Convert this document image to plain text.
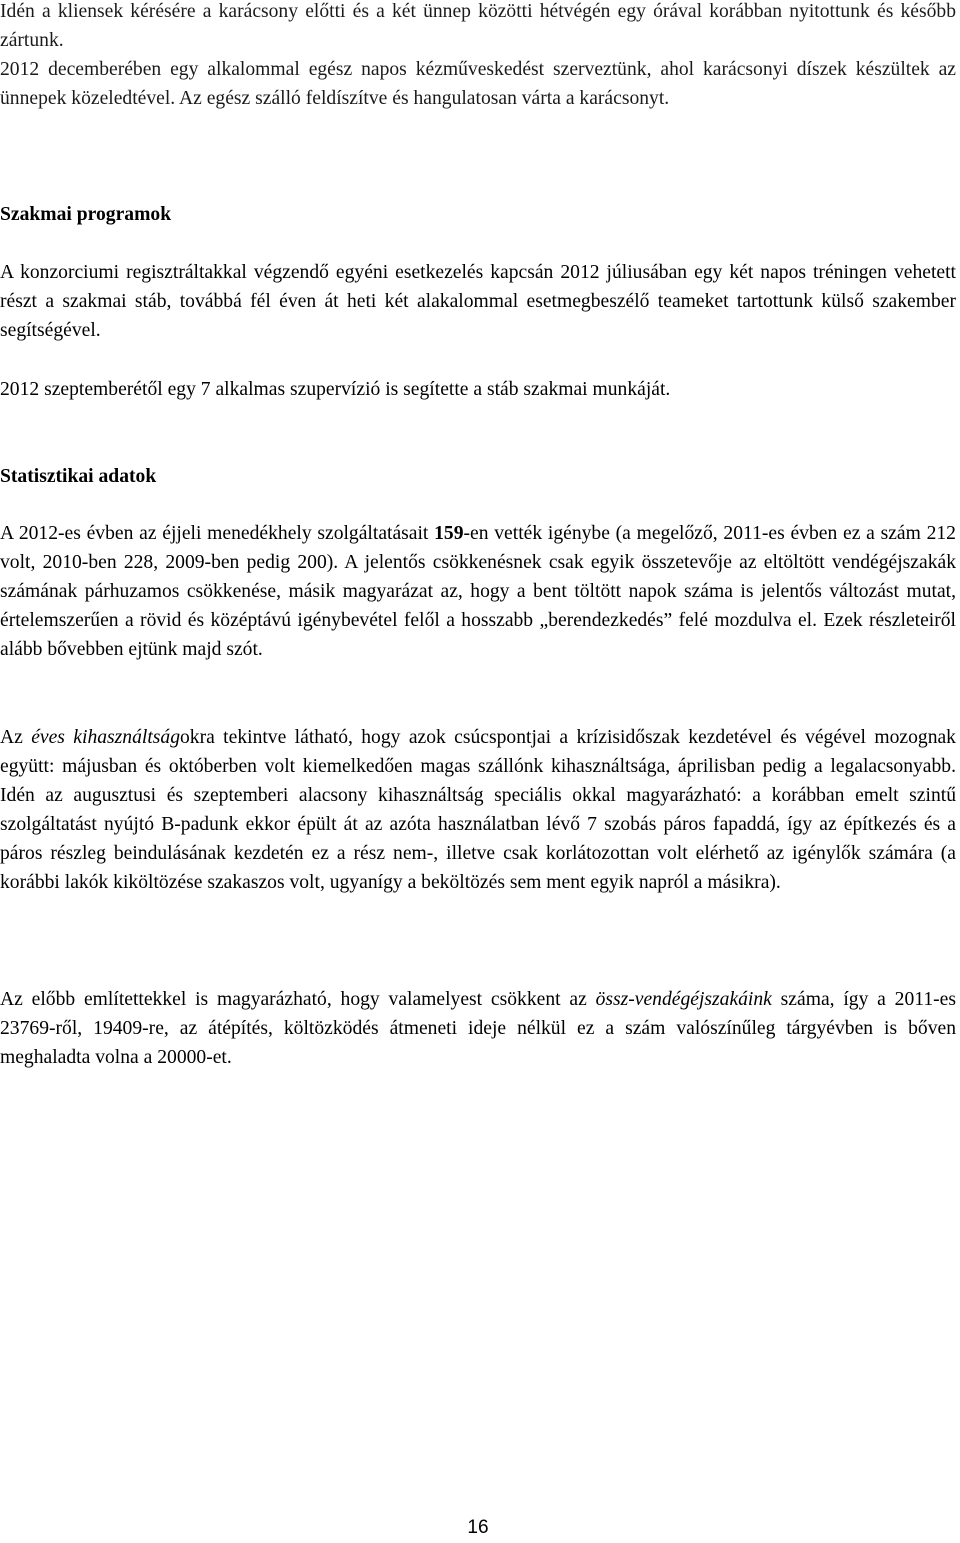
Idén a kliensek kérésére a karácsony előtti és a két ünnep közötti hétvégén egy órával korábban nyitottunk és később zártunk.

2012 decemberében egy alkalommal egész napos kézműveskedést szerveztünk, ahol karácsonyi díszek készültek az ünnepek közeledtével. Az egész szálló feldíszítve és hangulatosan várta a karácsonyt.

Szakmai programok

A konzorciumi regisztráltakkal végzendő egyéni esetkezelés kapcsán 2012 júliusában egy két napos tréningen vehetett részt a szakmai stáb, továbbá fél éven át heti két alakalommal esetmegbeszélő teameket tartottunk külső szakember segítségével.

2012 szeptemberétől egy 7 alkalmas szupervízió is segítette a stáb szakmai munkáját.

Statisztikai adatok

A 2012-es évben az éjjeli menedékhely szolgáltatásait 159-en vették igénybe (a megelőző, 2011-es évben ez a szám 212 volt, 2010-ben 228, 2009-ben pedig 200). A jelentős csökkenésnek csak egyik összetevője az eltöltött vendégéjszakák számának párhuzamos csökkenése, másik magyarázat az, hogy a bent töltött napok száma is jelentős változást mutat, értelemszerűen a rövid és középtávú igénybevétel felől a hosszabb „berendezkedés” felé mozdulva el. Ezek részleteiről alább bővebben ejtünk majd szót.

Az éves kihasználtságokra tekintve látható, hogy azok csúcspontjai a krízisidőszak kezdetével és végével mozognak együtt: májusban és októberben volt kiemelkedően magas szállónk kihasználtsága, áprilisban pedig a legalacsonyabb. Idén az augusztusi és szeptemberi alacsony kihasználtság speciális okkal magyarázható: a korábban emelt szintű szolgáltatást nyújtó B-padunk ekkor épült át az azóta használatban lévő 7 szobás páros fapaddá, így az építkezés és a páros részleg beindulásának kezdetén ez a rész nem-, illetve csak korlátozottan volt elérhető az igénylők számára (a korábbi lakók kiköltözése szakaszos volt, ugyanígy a beköltözés sem ment egyik napról a másikra).

Az előbb említettekkel is magyarázható, hogy valamelyest csökkent az össz-vendégéjszakáink száma, így a 2011-es 23769-ről, 19409-re, az átépítés, költözködés átmeneti ideje nélkül ez a szám valószínűleg tárgyévben is bőven meghaladta volna a 20000-et.

16
